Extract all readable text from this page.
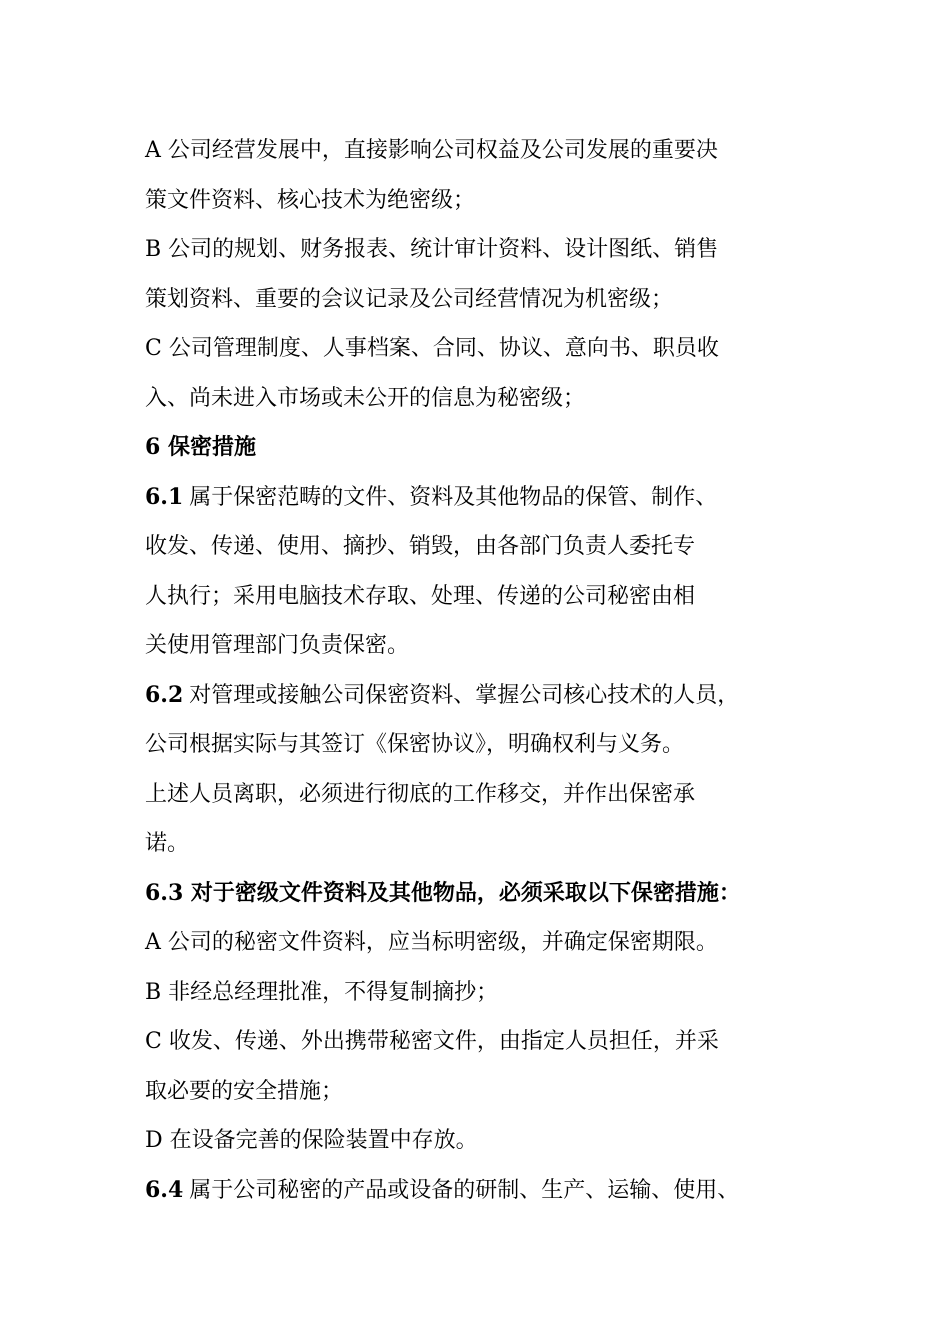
A 公司经营发展中，直接影响公司权益及公司发展的重要决
策文件资料、核心技术为绝密级；
B 公司的规划、财务报表、统计审计资料、设计图纸、销售
策划资料、重要的会议记录及公司经营情况为机密级；
C 公司管理制度、人事档案、合同、协议、意向书、职员收
入、尚未进入市场或未公开的信息为秘密级；
6 保密措施
6.1 属于保密范畴的文件、资料及其他物品的保管、制作、
收发、传递、使用、摘抄、销毁，由各部门负责人委托专
人执行；采用电脑技术存取、处理、传递的公司秘密由相
关使用管理部门负责保密。
6.2 对管理或接触公司保密资料、掌握公司核心技术的人员，
公司根据实际与其签订《保密协议》，明确权利与义务。
上述人员离职，必须进行彻底的工作移交，并作出保密承
诺。
6.3 对于密级文件资料及其他物品，必须采取以下保密措施：
A 公司的秘密文件资料，应当标明密级，并确定保密期限。
B 非经总经理批准，不得复制摘抄；
C 收发、传递、外出携带秘密文件，由指定人员担任，并采
取必要的安全措施；
D 在设备完善的保险装置中存放。
6.4 属于公司秘密的产品或设备的研制、生产、运输、使用、
